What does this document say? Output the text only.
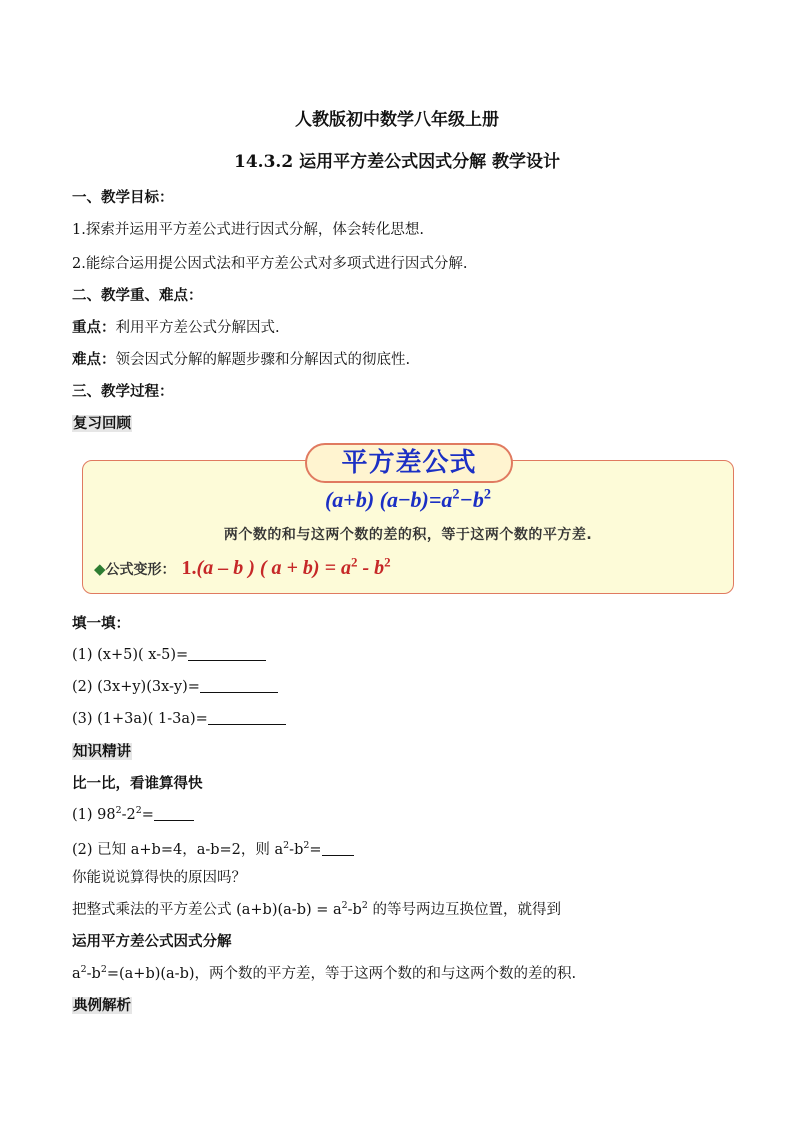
人教版初中数学八年级上册
14.3.2 运用平方差公式因式分解 教学设计
一、教学目标：
1.探索并运用平方差公式进行因式分解，体会转化思想.
2.能综合运用提公因式法和平方差公式对多项式进行因式分解.
二、教学重、难点：
重点：利用平方差公式分解因式.
难点：领会因式分解的解题步骤和分解因式的彻底性.
三、教学过程：
复习回顾
平方差公式
(a+b) $(a-b)=a^2-b^2$
两个数的和与这两个数的差的积，等于这两个数的平方差.
◆公式变形： 1.(a – b ) ( $a + b) = a^2 - b^2$
填一填：
(1) (x+5)( x-5)=
(2) (3x+y)(3x-y)=
(3) (1+3a)( 1-3a)=
知识精讲
比一比，看谁算得快
(1) $98^2-2^2=$
(2) 已知 a+b=4，a-b=2，则 $a^2-b^2=$
你能说说算得快的原因吗？
把整式乘法的平方差公式 $(a+b)(a-b) = a^2-b^2$ 的等号两边互换位置，就得到
运用平方差公式因式分解
$a^2-b^2=(a+b)(a-b)$，两个数的平方差，等于这两个数的和与这两个数的差的积.
典例解析
